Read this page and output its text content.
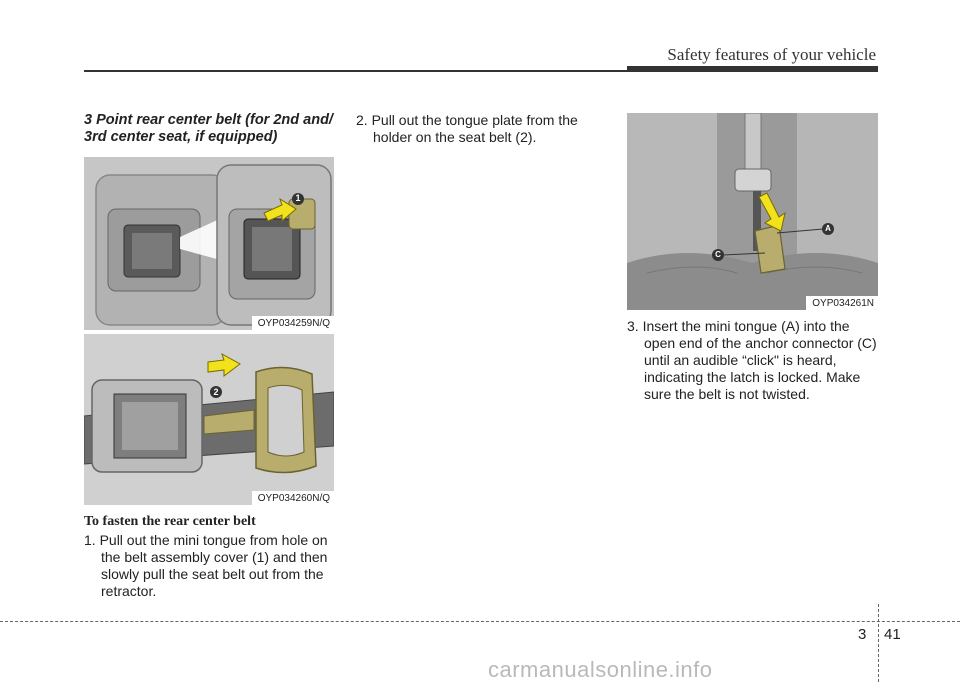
Safety features of your vehicle
3 Point rear center belt (for 2nd and/ 3rd center seat, if equipped)
1
OYP034259N/Q
2
OYP034260N/Q
To fasten the rear center belt
1. Pull out the mini tongue from hole on the belt assembly cover (1) and then slowly pull the seat belt out from the retractor.
2. Pull out the tongue plate from the holder on the seat belt (2).
A
C
OYP034261N
3. Insert the mini tongue (A) into the open end of the anchor connector (C) until an audible “click" is heard, indicating the latch is locked. Make sure the belt is not twisted.
3 41
carmanualsonline.info
